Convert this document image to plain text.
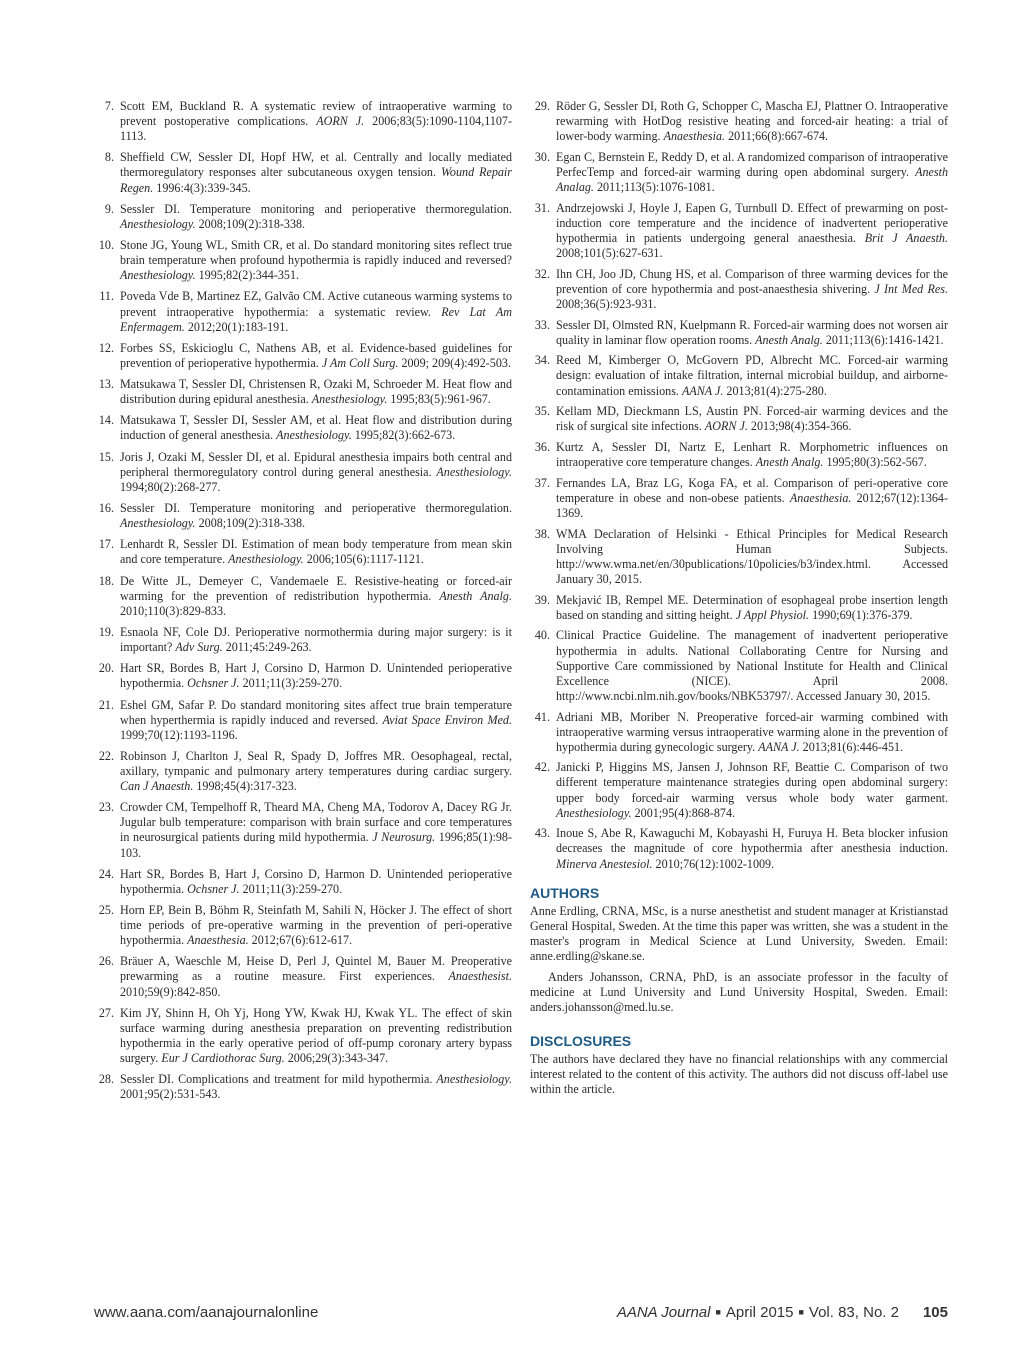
7. Scott EM, Buckland R. A systematic review of intraoperative warming to prevent postoperative complications. AORN J. 2006;83(5):1090-1104,1107-1113.
8. Sheffield CW, Sessler DI, Hopf HW, et al. Centrally and locally mediated thermoregulatory responses alter subcutaneous oxygen tension. Wound Repair Regen. 1996:4(3):339-345.
9. Sessler DI. Temperature monitoring and perioperative thermoregulation. Anesthesiology. 2008;109(2):318-338.
10. Stone JG, Young WL, Smith CR, et al. Do standard monitoring sites reflect true brain temperature when profound hypothermia is rapidly induced and reversed? Anesthesiology. 1995;82(2):344-351.
11. Poveda Vde B, Martinez EZ, Galvão CM. Active cutaneous warming systems to prevent intraoperative hypothermia: a systematic review. Rev Lat Am Enfermagem. 2012;20(1):183-191.
12. Forbes SS, Eskicioglu C, Nathens AB, et al. Evidence-based guidelines for prevention of perioperative hypothermia. J Am Coll Surg. 2009; 209(4):492-503.
13. Matsukawa T, Sessler DI, Christensen R, Ozaki M, Schroeder M. Heat flow and distribution during epidural anesthesia. Anesthesiology. 1995;83(5):961-967.
14. Matsukawa T, Sessler DI, Sessler AM, et al. Heat flow and distribution during induction of general anesthesia. Anesthesiology. 1995;82(3):662-673.
15. Joris J, Ozaki M, Sessler DI, et al. Epidural anesthesia impairs both central and peripheral thermoregulatory control during general anesthesia. Anesthesiology. 1994;80(2):268-277.
16. Sessler DI. Temperature monitoring and perioperative thermoregulation. Anesthesiology. 2008;109(2):318-338.
17. Lenhardt R, Sessler DI. Estimation of mean body temperature from mean skin and core temperature. Anesthesiology. 2006;105(6):1117-1121.
18. De Witte JL, Demeyer C, Vandemaele E. Resistive-heating or forced-air warming for the prevention of redistribution hypothermia. Anesth Analg. 2010;110(3):829-833.
19. Esnaola NF, Cole DJ. Perioperative normothermia during major surgery: is it important? Adv Surg. 2011;45:249-263.
20. Hart SR, Bordes B, Hart J, Corsino D, Harmon D. Unintended perioperative hypothermia. Ochsner J. 2011;11(3):259-270.
21. Eshel GM, Safar P. Do standard monitoring sites affect true brain temperature when hyperthermia is rapidly induced and reversed. Aviat Space Environ Med. 1999;70(12):1193-1196.
22. Robinson J, Charlton J, Seal R, Spady D, Joffres MR. Oesophageal, rectal, axillary, tympanic and pulmonary artery temperatures during cardiac surgery. Can J Anaesth. 1998;45(4):317-323.
23. Crowder CM, Tempelhoff R, Theard MA, Cheng MA, Todorov A, Dacey RG Jr. Jugular bulb temperature: comparison with brain surface and core temperatures in neurosurgical patients during mild hypothermia. J Neurosurg. 1996;85(1):98-103.
24. Hart SR, Bordes B, Hart J, Corsino D, Harmon D. Unintended perioperative hypothermia. Ochsner J. 2011;11(3):259-270.
25. Horn EP, Bein B, Böhm R, Steinfath M, Sahili N, Höcker J. The effect of short time periods of pre-operative warming in the prevention of peri-operative hypothermia. Anaesthesia. 2012;67(6):612-617.
26. Bräuer A, Waeschle M, Heise D, Perl J, Quintel M, Bauer M. Preoperative prewarming as a routine measure. First experiences. Anaesthesist. 2010;59(9):842-850.
27. Kim JY, Shinn H, Oh Yj, Hong YW, Kwak HJ, Kwak YL. The effect of skin surface warming during anesthesia preparation on preventing redistribution hypothermia in the early operative period of off-pump coronary artery bypass surgery. Eur J Cardiothorac Surg. 2006;29(3):343-347.
28. Sessler DI. Complications and treatment for mild hypothermia. Anesthesiology. 2001;95(2):531-543.
29. Röder G, Sessler DI, Roth G, Schopper C, Mascha EJ, Plattner O. Intraoperative rewarming with HotDog resistive heating and forced-air heating: a trial of lower-body warming. Anaesthesia. 2011;66(8):667-674.
30. Egan C, Bernstein E, Reddy D, et al. A randomized comparison of intraoperative PerfecTemp and forced-air warming during open abdominal surgery. Anesth Analag. 2011;113(5):1076-1081.
31. Andrzejowski J, Hoyle J, Eapen G, Turnbull D. Effect of prewarming on post-induction core temperature and the incidence of inadvertent perioperative hypothermia in patients undergoing general anaesthesia. Brit J Anaesth. 2008;101(5):627-631.
32. Ihn CH, Joo JD, Chung HS, et al. Comparison of three warming devices for the prevention of core hypothermia and post-anaesthesia shivering. J Int Med Res. 2008;36(5):923-931.
33. Sessler DI, Olmsted RN, Kuelpmann R. Forced-air warming does not worsen air quality in laminar flow operation rooms. Anesth Analg. 2011;113(6):1416-1421.
34. Reed M, Kimberger O, McGovern PD, Albrecht MC. Forced-air warming design: evaluation of intake filtration, internal microbial buildup, and airborne-contamination emissions. AANA J. 2013;81(4):275-280.
35. Kellam MD, Dieckmann LS, Austin PN. Forced-air warming devices and the risk of surgical site infections. AORN J. 2013;98(4):354-366.
36. Kurtz A, Sessler DI, Nartz E, Lenhart R. Morphometric influences on intraoperative core temperature changes. Anesth Analg. 1995;80(3):562-567.
37. Fernandes LA, Braz LG, Koga FA, et al. Comparison of peri-operative core temperature in obese and non-obese patients. Anaesthesia. 2012;67(12):1364-1369.
38. WMA Declaration of Helsinki - Ethical Principles for Medical Research Involving Human Subjects. http://www.wma.net/en/30publications/10policies/b3/index.html. Accessed January 30, 2015.
39. Mekjavić IB, Rempel ME. Determination of esophageal probe insertion length based on standing and sitting height. J Appl Physiol. 1990;69(1):376-379.
40. Clinical Practice Guideline. The management of inadvertent perioperative hypothermia in adults. National Collaborating Centre for Nursing and Supportive Care commissioned by National Institute for Health and Clinical Excellence (NICE). April 2008. http://www.ncbi.nlm.nih.gov/books/NBK53797/. Accessed January 30, 2015.
41. Adriani MB, Moriber N. Preoperative forced-air warming combined with intraoperative warming versus intraoperative warming alone in the prevention of hypothermia during gynecologic surgery. AANA J. 2013;81(6):446-451.
42. Janicki P, Higgins MS, Jansen J, Johnson RF, Beattie C. Comparison of two different temperature maintenance strategies during open abdominal surgery: upper body forced-air warming versus whole body water garment. Anesthesiology. 2001;95(4):868-874.
43. Inoue S, Abe R, Kawaguchi M, Kobayashi H, Furuya H. Beta blocker infusion decreases the magnitude of core hypothermia after anesthesia induction. Minerva Anestesiol. 2010;76(12):1002-1009.
AUTHORS

Anne Erdling, CRNA, MSc, is a nurse anesthetist and student manager at Kristianstad General Hospital, Sweden. At the time this paper was written, she was a student in the master's program in Medical Science at Lund University, Sweden. Email: anne.erdling@skane.se.

Anders Johansson, CRNA, PhD, is an associate professor in the faculty of medicine at Lund University and Lund University Hospital, Sweden. Email: anders.johansson@med.lu.se.

DISCLOSURES

The authors have declared they have no financial relationships with any commercial interest related to the content of this activity. The authors did not discuss off-label use within the article.

www.aana.com/aanajournalonline	AANA Journal ■ April 2015 ■ Vol. 83, No. 2 105
